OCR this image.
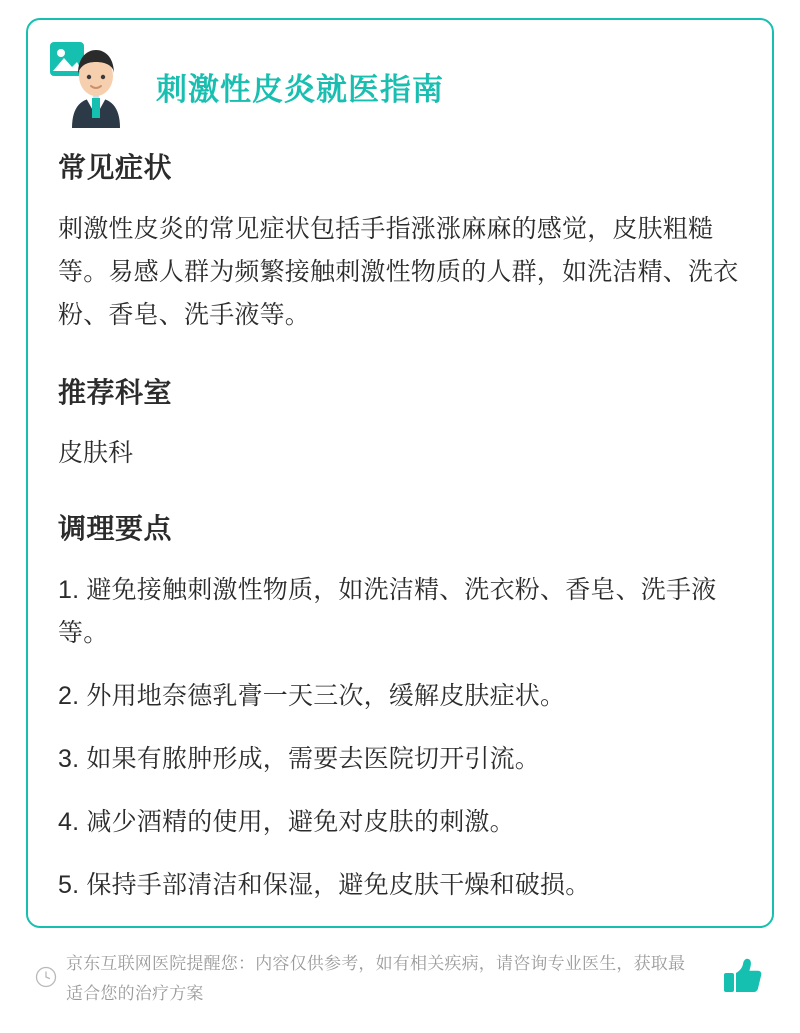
刺激性皮炎就医指南
常见症状

刺激性皮炎的常见症状包括手指涨涨麻麻的感觉，皮肤粗糙等。易感人群为频繁接触刺激性物质的人群，如洗洁精、洗衣粉、香皂、洗手液等。

推荐科室

皮肤科

调理要点
1. 避免接触刺激性物质，如洗洁精、洗衣粉、香皂、洗手液等。
2. 外用地奈德乳膏一天三次，缓解皮肤症状。
3. 如果有脓肿形成，需要去医院切开引流。
4. 减少酒精的使用，避免对皮肤的刺激。
5. 保持手部清洁和保湿，避免皮肤干燥和破损。
京东互联网医院提醒您：内容仅供参考，如有相关疾病，请咨询专业医生，获取最适合您的治疗方案
